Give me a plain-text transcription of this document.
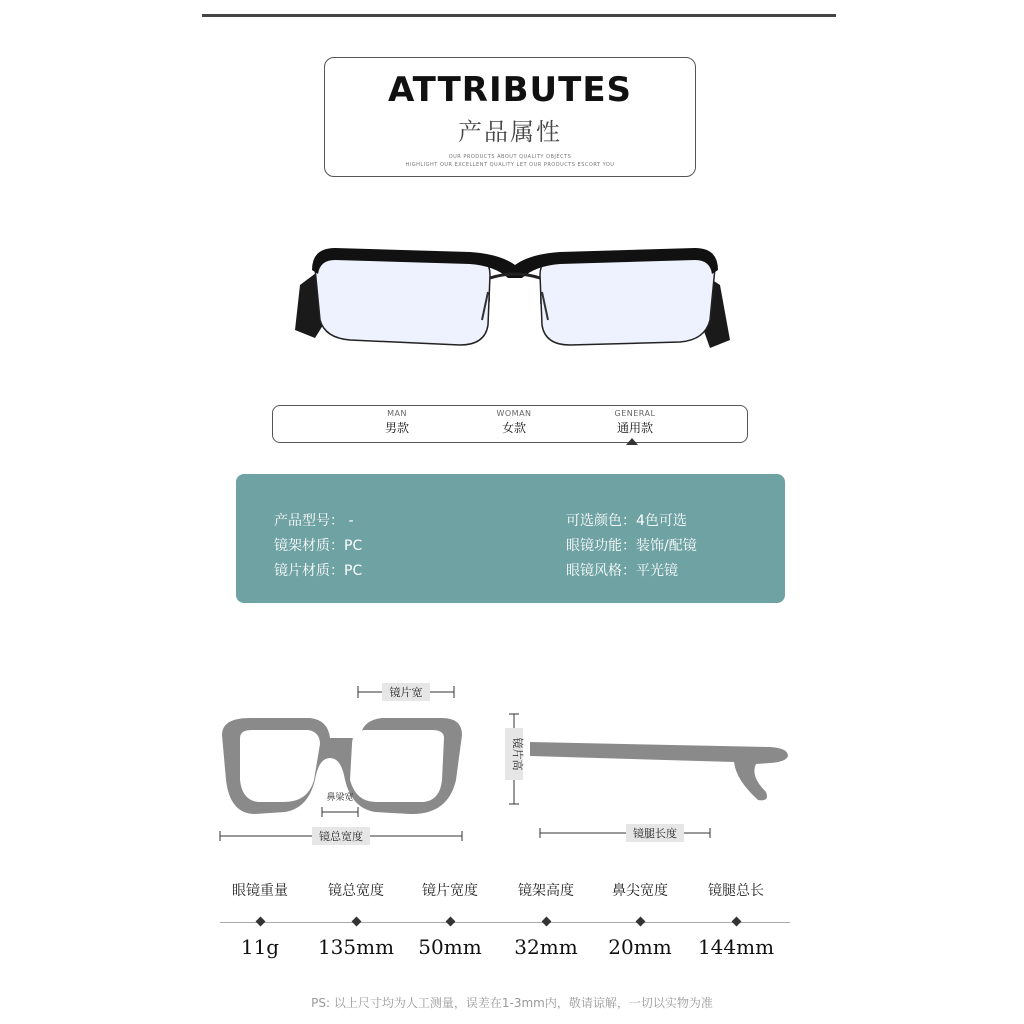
ATTRIBUTES
产品属性
OUR PRODUCTS ABOUT QUALITY OBJECTS
HIGHLIGHT OUR EXCELLENT QUALITY LET OUR PRODUCTS ESCORT YOU
MAN
男款
WOMAN
女款
GENERAL
通用款
产品型号： -
镜架材质：PC
镜片材质：PC
可选颜色：4色可选
眼镜功能：装饰/配镜
眼镜风格：平光镜
镜片宽
鼻梁宽
镜总宽度
镜片高
镜腿长度
眼镜重量
11g
镜总宽度
135mm
镜片宽度
50mm
镜架高度
32mm
鼻尖宽度
20mm
镜腿总长
144mm
PS: 以上尺寸均为人工测量，误差在1-3mm内，敬请谅解，一切以实物为准
